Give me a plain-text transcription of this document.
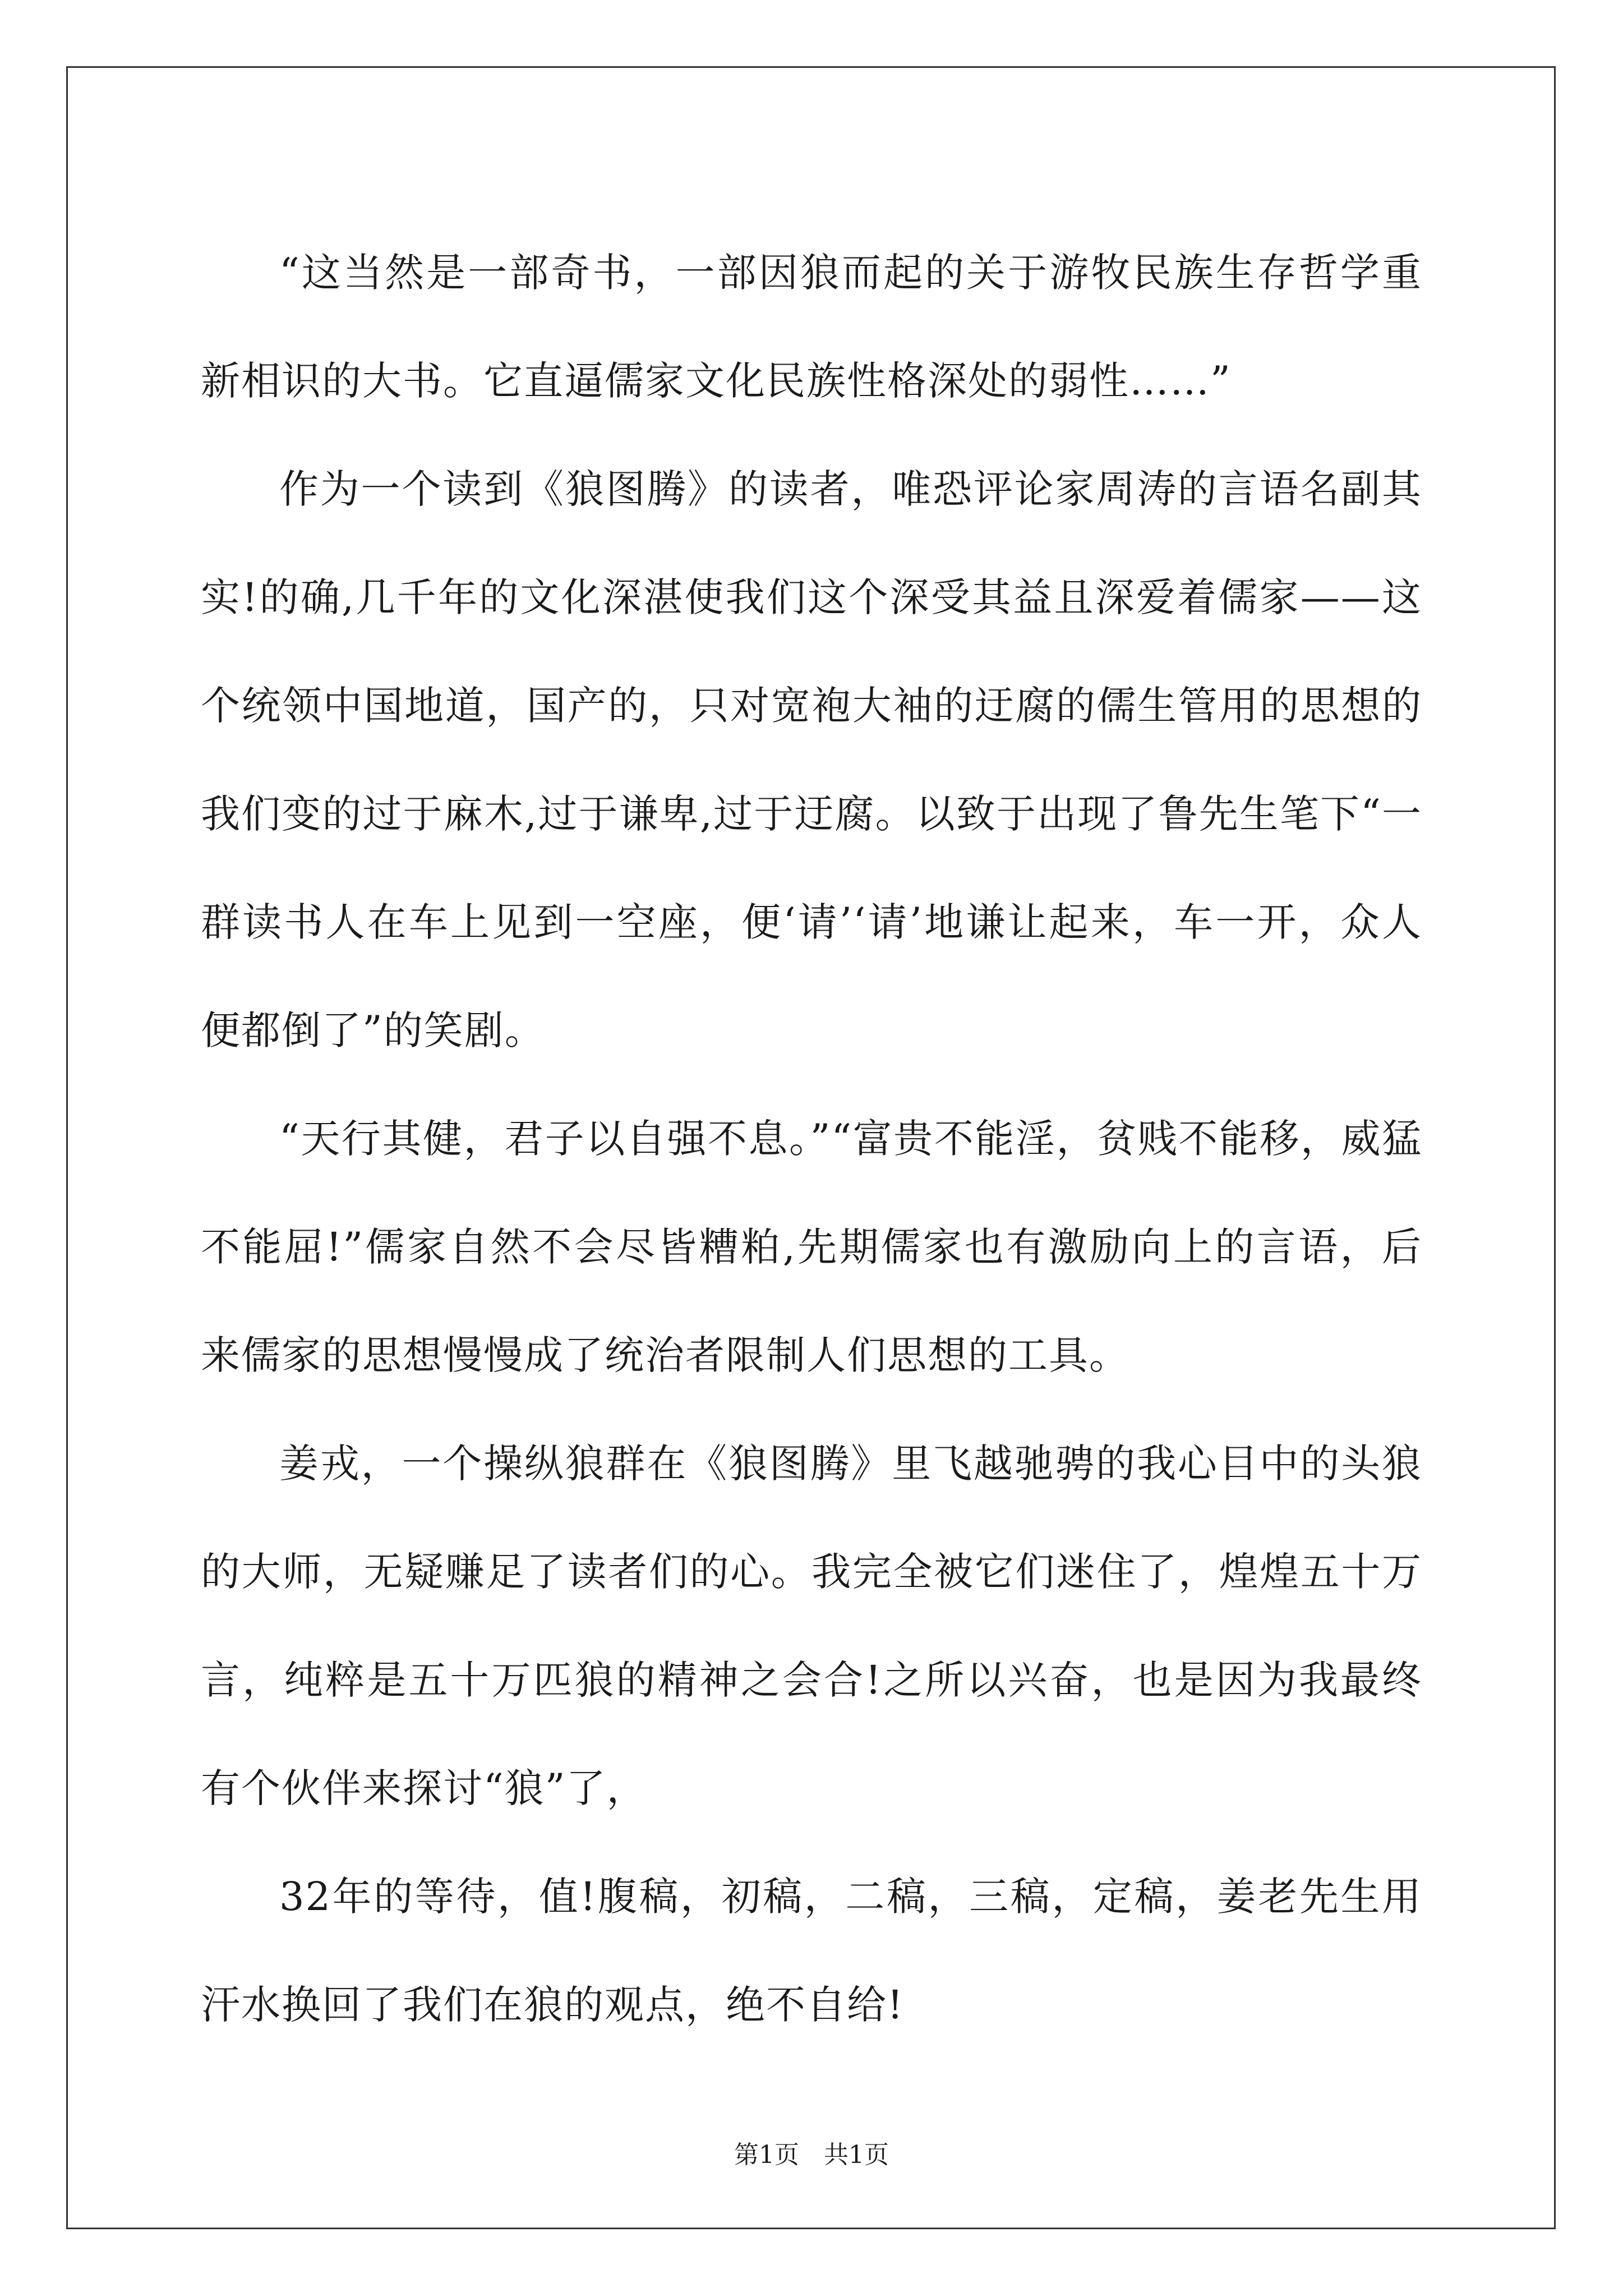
“这当然是一部奇书，一部因狼而起的关于游牧民族生存哲学重新相识的大书。它直逼儒家文化民族性格深处的弱性……”

作为一个读到《狼图腾》的读者，唯恐评论家周涛的言语名副其实!的确,几千年的文化深湛使我们这个深受其益且深爱着儒家——这个统领中国地道，国产的，只对宽袍大袖的迂腐的儒生管用的思想的我们变的过于麻木,过于谦卑,过于迂腐。以致于出现了鲁先生笔下“一群读书人在车上见到一空座，便‘请’‘请’地谦让起来，车一开，众人便都倒了”的笑剧。

“天行其健，君子以自强不息。”“富贵不能淫，贫贱不能移，威猛不能屈!”儒家自然不会尽皆糟粕,先期儒家也有激励向上的言语，后来儒家的思想慢慢成了统治者限制人们思想的工具。

姜戎，一个操纵狼群在《狼图腾》里飞越驰骋的我心目中的头狼的大师，无疑赚足了读者们的心。我完全被它们迷住了，煌煌五十万言，纯粹是五十万匹狼的精神之会合!之所以兴奋，也是因为我最终有个伙伴来探讨“狼”了，

32年的等待，值!腹稿，初稿，二稿，三稿，定稿，姜老先生用汗水换回了我们在狼的观点，绝不自给!

第1页　共1页
